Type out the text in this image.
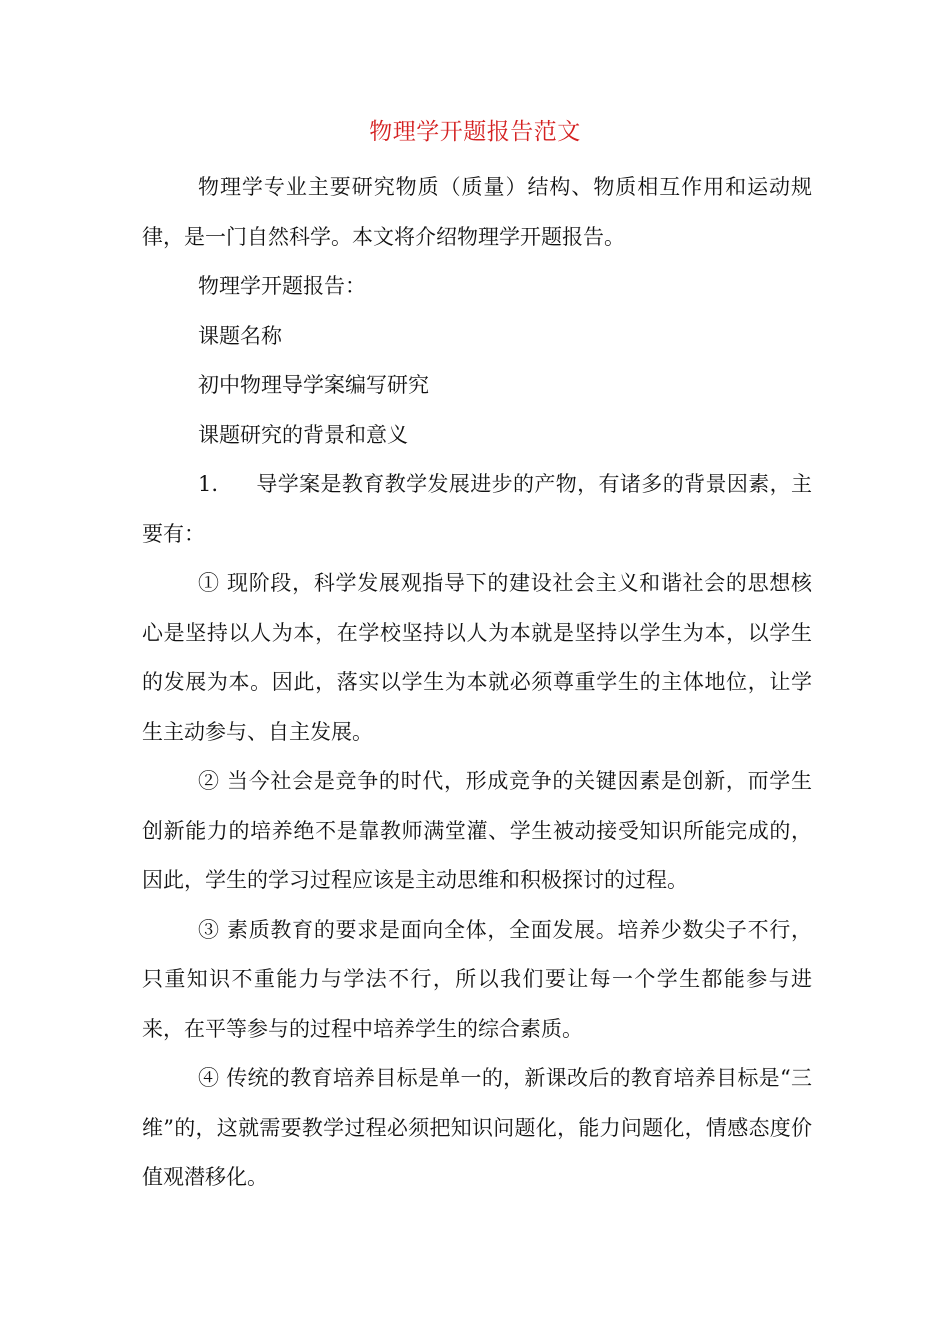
物理学开题报告范文

物理学专业主要研究物质（质量）结构、物质相互作用和运动规律，是一门自然科学。本文将介绍物理学开题报告。

物理学开题报告：

课题名称

初中物理导学案编写研究

课题研究的背景和意义

1. 导学案是教育教学发展进步的产物，有诸多的背景因素，主要有：

① 现阶段，科学发展观指导下的建设社会主义和谐社会的思想核心是坚持以人为本，在学校坚持以人为本就是坚持以学生为本，以学生的发展为本。因此，落实以学生为本就必须尊重学生的主体地位，让学生主动参与、自主发展。

② 当今社会是竞争的时代，形成竞争的关键因素是创新，而学生创新能力的培养绝不是靠教师满堂灌、学生被动接受知识所能完成的，因此，学生的学习过程应该是主动思维和积极探讨的过程。

③ 素质教育的要求是面向全体，全面发展。培养少数尖子不行，只重知识不重能力与学法不行，所以我们要让每一个学生都能参与进来，在平等参与的过程中培养学生的综合素质。

④ 传统的教育培养目标是单一的，新课改后的教育培养目标是“三维”的，这就需要教学过程必须把知识问题化，能力问题化，情感态度价值观潜移化。
